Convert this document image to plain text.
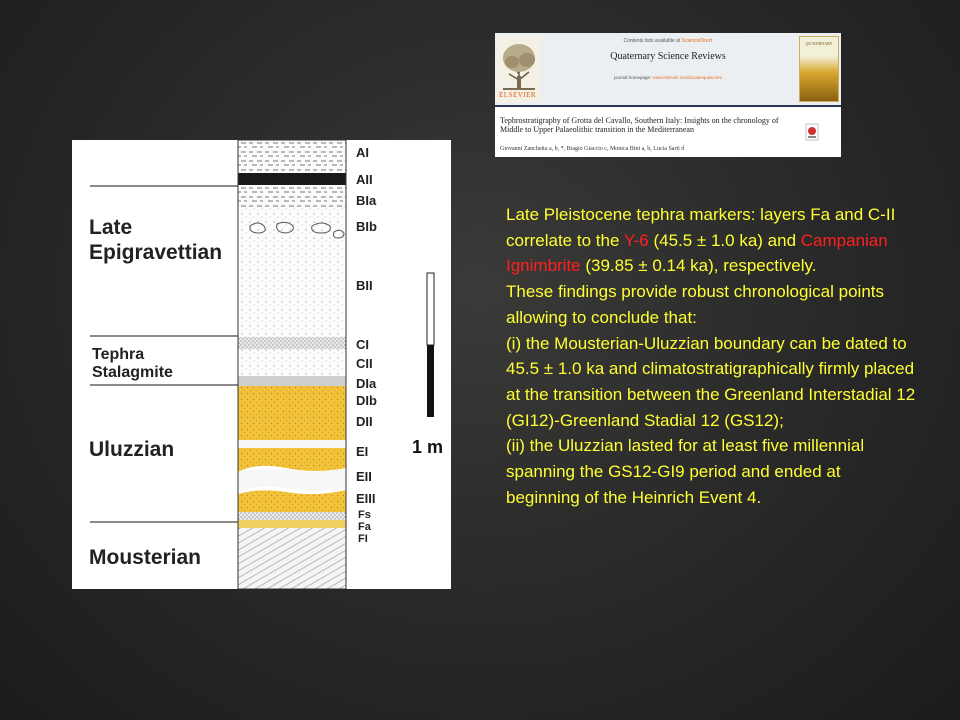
ELSEVIER
Contents lists available at ScienceDirect
Quaternary Science Reviews
journal homepage: www.elsevier.com/locate/quascirev
QUATERNARY
Tephrostratigraphy of Grotta del Cavallo, Southern Italy: Insights on the chronology of Middle to Upper Palaeolithic transition in the Mediterranean
Giovanni Zanchetta a, b, *, Biagio Giaccio c, Monica Bini a, b, Lucia Sarti d
Late
Epigravettian
Tephra
Stalagmite
Uluzzian
Mousterian
AI
AII
BIa
BIb
BII
CI
CII
DIa
DIb
DII
EI
EII
EIII
Fs
Fa
FI
1 m

Late Pleistocene tephra markers: layers Fa and C-II correlate to the Y-6 (45.5 ± 1.0 ka) and Campanian Ignimbrite (39.85 ± 0.14 ka), respectively.

These findings provide robust chronological points allowing to conclude that:

(i) the Mousterian-Uluzzian boundary can be dated to 45.5 ± 1.0 ka and climatostratigraphically firmly placed at the transition between the Greenland Interstadial 12 (GI12)-Greenland Stadial 12 (GS12);

(ii) the Uluzzian lasted for at least five millennial spanning the GS12-GI9 period and ended at beginning of the Heinrich Event 4.
